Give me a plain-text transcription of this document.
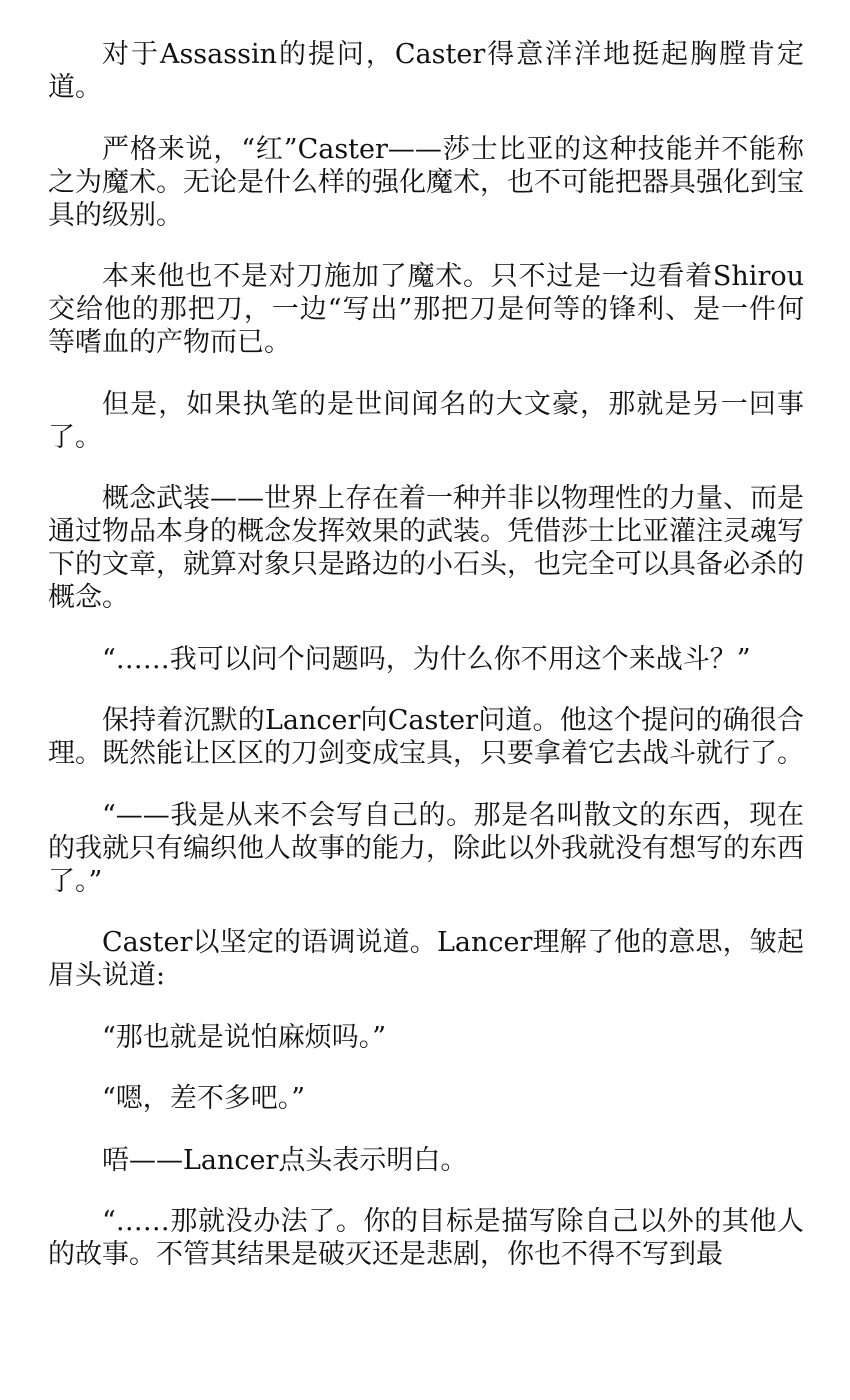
对于Assassin的提问，Caster得意洋洋地挺起胸膛肯定道。

严格来说，“红”Caster——莎士比亚的这种技能并不能称之为魔术。无论是什么样的强化魔术，也不可能把器具强化到宝具的级别。

本来他也不是对刀施加了魔术。只不过是一边看着Shirou交给他的那把刀，一边“写出”那把刀是何等的锋利、是一件何等嗜血的产物而已。

但是，如果执笔的是世间闻名的大文豪，那就是另一回事了。

概念武装——世界上存在着一种并非以物理性的力量、而是通过物品本身的概念发挥效果的武装。凭借莎士比亚灌注灵魂写下的文章，就算对象只是路边的小石头，也完全可以具备必杀的概念。

“……我可以问个问题吗，为什么你不用这个来战斗？”

保持着沉默的Lancer向Caster问道。他这个提问的确很合理。既然能让区区的刀剑变成宝具，只要拿着它去战斗就行了。

“——我是从来不会写自己的。那是名叫散文的东西，现在的我就只有编织他人故事的能力，除此以外我就没有想写的东西了。”

Caster以坚定的语调说道。Lancer理解了他的意思，皱起眉头说道:

“那也就是说怕麻烦吗。”

“嗯，差不多吧。”

唔——Lancer点头表示明白。

“……那就没办法了。你的目标是描写除自己以外的其他人的故事。不管其结果是破灭还是悲剧，你也不得不写到最
